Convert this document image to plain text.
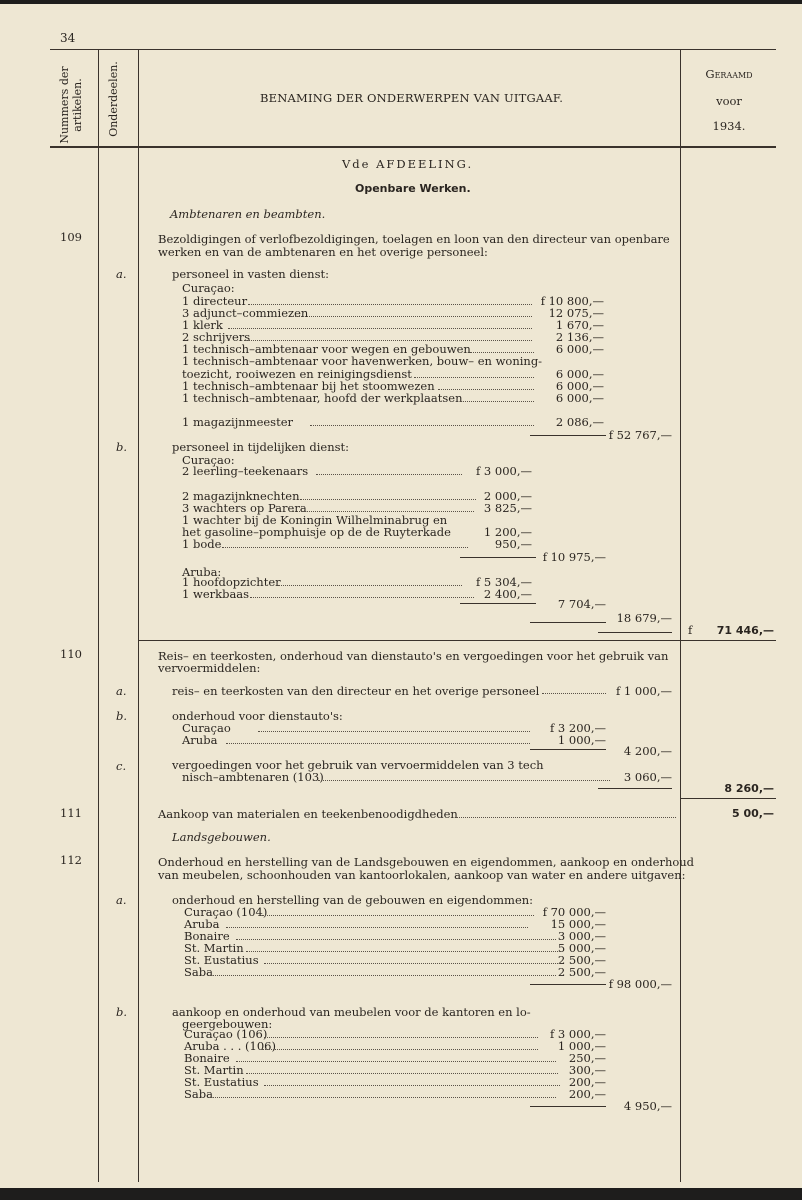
34
Nummers der artikelen. Onderdeelen.	BENAMING DER ONDERWERPEN VAN UITGAAF.
Geraamd
voor
1934.
Vde AFDEELING.
Openbare Werken.
Ambtenaren en beambten.
109	Bezoldigingen of verlofbezoldigingen, toelagen en loon van den directeur van openbare
werken en van de ambtenaren en het overige personeel:
a.	personeel in vasten dienst:
Curaçao:
1 directeur	f 10 800,—
3 adjunct–commiezen	12 075,—
1 klerk	1 670,—
2 schrijvers	2 136,—
1 technisch–ambtenaar voor wegen en gebouwen	6 000,—
1 technisch–ambtenaar voor havenwerken, bouw– en woning-
toezicht, rooiwezen en reinigingsdienst	6 000,—
1 technisch–ambtenaar bij het stoomwezen	6 000,—
1 technisch–ambtenaar, hoofd der werkplaatsen	6 000,—
1 magazijnmeester	2 086,—
f 52 767,—
b.	personeel in tijdelijken dienst:
Curaçao:
2 leerling–teekenaars	f 3 000,—
2 magazijnknechten	2 000,—
3 wachters op Parera	3 825,—
1 wachter bij de Koningin Wilhelminabrug en
het gasoline–pomphuisje op de de Ruyterkade	1 200,—
1 bode	950,—
f 10 975,—
Aruba:
1 hoofdopzichter	f 5 304,—
1 werkbaas	2 400,—
7 704,—
18 679,—
f	71 446,—
110	Reis– en teerkosten, onderhoud van dienstauto's en vergoedingen voor het gebruik van
vervoermiddelen:
a.	reis– en teerkosten van den directeur en het overige personeel	f 1 000,—
b.	onderhoud voor dienstauto's:
Curaçao	f 3 200,—
Aruba	1 000,—
4 200,—
c.	vergoedingen voor het gebruik van vervoermiddelen van 3 tech
nisch–ambtenaren (103)	3 060,—
8 260,—
111	Aankoop van materialen en teekenbenoodigdheden	5 00,—
Landsgebouwen.
112	Onderhoud en herstelling van de Landsgebouwen en eigendommen, aankoop en onderhoud
van meubelen, schoonhouden van kantoorlokalen, aankoop van water en andere uitgaven:
a.	onderhoud en herstelling van de gebouwen en eigendommen:
Curaçao (104)	f 70 000,—
Aruba	15 000,—
Bonaire	3 000,—
St. Martin	5 000,—
St. Eustatius	2 500,—
Saba	2 500,—
f 98 000,—
b.	aankoop en onderhoud van meubelen voor de kantoren en lo-
geergebouwen:
Curaçao (106)	f 3 000,—
Aruba . . . (106)	1 000,—
Bonaire	250,—
St. Martin	300,—
St. Eustatius	200,—
Saba	200,—
4 950,—
